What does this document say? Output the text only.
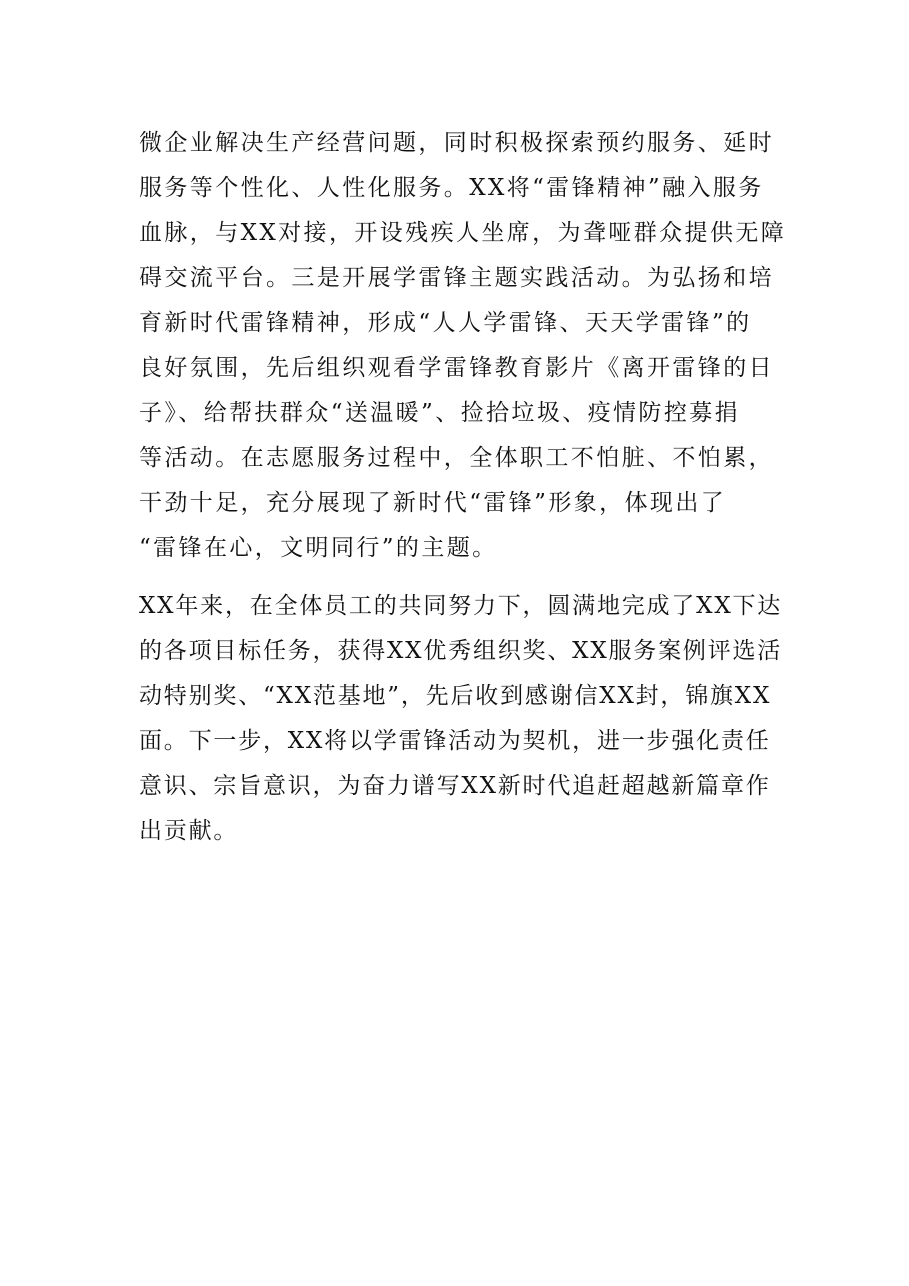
微企业解决生产经营问题，同时积极探索预约服务、延时

服务等个性化、人性化服务。XX将“雷锋精神”融入服务

血脉，与XX对接，开设残疾人坐席，为聋哑群众提供无障

碍交流平台。三是开展学雷锋主题实践活动。为弘扬和培

育新时代雷锋精神，形成“人人学雷锋、天天学雷锋”的

良好氛围，先后组织观看学雷锋教育影片《离开雷锋的日

子》、给帮扶群众“送温暖”、捡拾垃圾、疫情防控募捐

等活动。在志愿服务过程中，全体职工不怕脏、不怕累，

干劲十足，充分展现了新时代“雷锋”形象，体现出了

“雷锋在心，文明同行”的主题。

XX年来，在全体员工的共同努力下，圆满地完成了XX下达

的各项目标任务，获得XX优秀组织奖、XX服务案例评选活

动特别奖、“XX范基地”，先后收到感谢信XX封，锦旗XX

面。下一步，XX将以学雷锋活动为契机，进一步强化责任

意识、宗旨意识，为奋力谱写XX新时代追赶超越新篇章作

出贡献。
